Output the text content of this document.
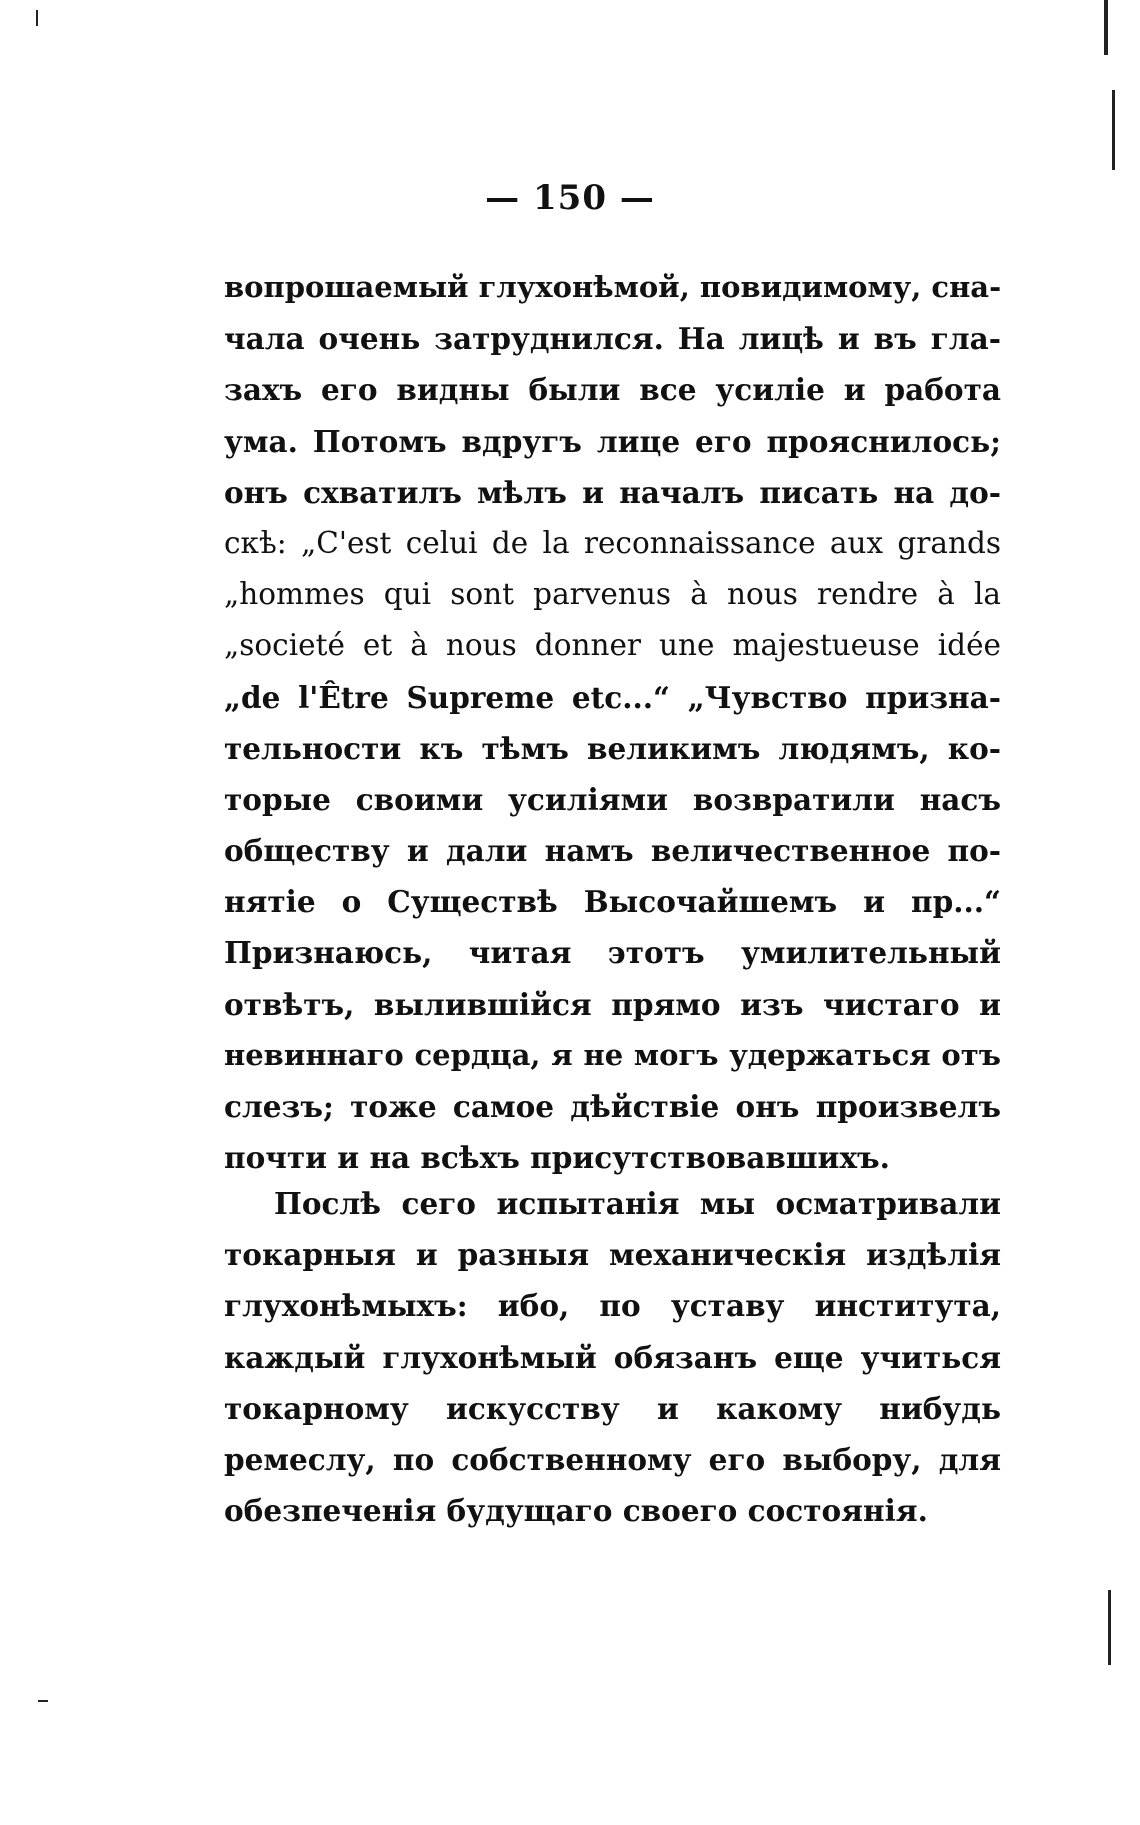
— 150 —
вопрошаемый глухонѣмой, повидимому, сна-
чала очень затруднился. На лицѣ и въ гла-
захъ его видны были все усилiе и работа
ума. Потомъ вдругъ лице его прояснилось;
онъ схватилъ мѣлъ и началъ писать на до-
скѣ: „C'est celui de la reconnaissance aux grands
„hommes qui sont parvenus à nous rendre à la
„societé et à nous donner une majestueuse idée
„de l'Être Supreme etc...“ „Чувство призна-
тельности къ тѣмъ великимъ людямъ, ко-
торые своими усилiями возвратили насъ
обществу и дали намъ величественное по-
нятiе о Существѣ Высочайшемъ и пр...“
Признаюсь, читая этотъ умилительный
отвѣтъ, вылившiйся прямо изъ чистаго и
невиннаго сердца, я не могъ удержаться отъ
слезъ; тоже самое дѣйствiе онъ произвелъ
почти и на всѣхъ присутствовавшихъ.
Послѣ сего испытанiя мы осматривали
токарныя и разныя механическiя издѣлiя
глухонѣмыхъ: ибо, по уставу института,
каждый глухонѣмый обязанъ еще учиться
токарному искусству и какому нибудь
ремеслу, по собственному его выбору, для
обезпеченiя будущаго своего состоянiя.
